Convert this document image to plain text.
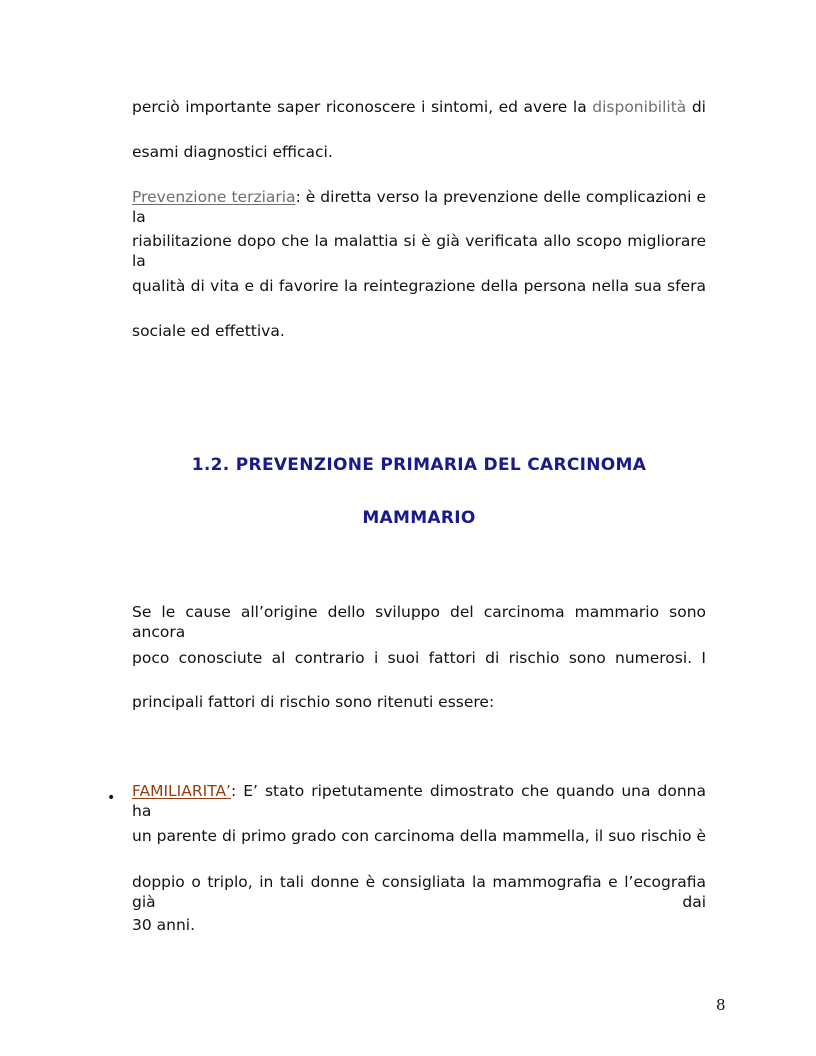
perciò importante saper riconoscere i sintomi, ed avere la disponibilità di
esami diagnostici efficaci.
Prevenzione terziaria: è diretta verso la prevenzione delle complicazioni e la
riabilitazione dopo che la malattia si è già verificata allo scopo migliorare la
qualità di vita e di favorire la reintegrazione della persona nella sua sfera
sociale ed effettiva.
1.2. PREVENZIONE PRIMARIA DEL CARCINOMA
MAMMARIO
Se le cause all’origine dello sviluppo del carcinoma mammario sono ancora
poco conosciute al contrario i suoi fattori di rischio sono numerosi. I
principali fattori di rischio sono ritenuti essere:
• FAMILIARITA’: E’ stato ripetutamente dimostrato che quando una donna ha
un parente di primo grado con carcinoma della mammella, il suo rischio è
doppio o triplo, in tali donne è consigliata la mammografia e l’ecografia già dai
30 anni.
8
